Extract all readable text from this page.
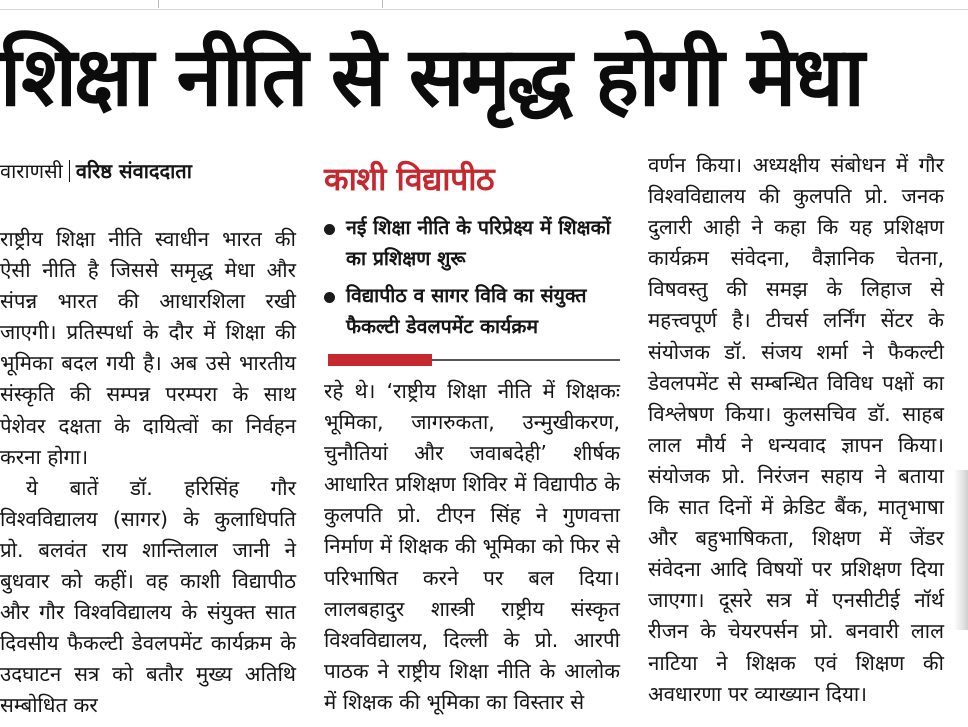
शिक्षा नीति से समृद्ध होगी मेधा
वाराणसी वरिष्ठ संवाददाता

राष्ट्रीय शिक्षा नीति स्वाधीन भारत की ऐसी नीति है जिससे समृद्ध मेधा और संपन्न भारत की आधारशिला रखी जाएगी। प्रतिस्पर्धा के दौर में शिक्षा की भूमिका बदल गयी है। अब उसे भारतीय संस्कृति की सम्पन्न परम्परा के साथ पेशेवर दक्षता के दायित्वों का निर्वहन करना होगा।

ये बातें डॉ. हरिसिंह गौर विश्वविद्यालय (सागर) के कुलाधिपति प्रो. बलवंत राय शान्तिलाल जानी ने बुधवार को कहीं। वह काशी विद्यापीठ और गौर विश्वविद्यालय के संयुक्त सात दिवसीय फैकल्टी डेवलपमेंट कार्यक्रम के उदघाटन सत्र को बतौर मुख्य अतिथि सम्बोधित कर

काशी विद्यापीठ
नई शिक्षा नीति के परिप्रेक्ष्य में शिक्षकों का प्रशिक्षण शुरू
विद्यापीठ व सागर विवि का संयुक्त फैकल्टी डेवलपमेंट कार्यक्रम

रहे थे। ‘राष्ट्रीय शिक्षा नीति में शिक्षकः भूमिका, जागरुकता, उन्मुखीकरण, चुनौतियां और जवाबदेही’ शीर्षक आधारित प्रशिक्षण शिविर में विद्यापीठ के कुलपति प्रो. टीएन सिंह ने गुणवत्ता निर्माण में शिक्षक की भूमिका को फिर से परिभाषित करने पर बल दिया। लालबहादुर शास्त्री राष्ट्रीय संस्कृत विश्वविद्यालय, दिल्ली के प्रो. आरपी पाठक ने राष्ट्रीय शिक्षा नीति के आलोक में शिक्षक की भूमिका का विस्तार से

वर्णन किया। अध्यक्षीय संबोधन में गौर विश्वविद्यालय की कुलपति प्रो. जनक दुलारी आही ने कहा कि यह प्रशिक्षण कार्यक्रम संवेदना, वैज्ञानिक चेतना, विषवस्तु की समझ के लिहाज से महत्त्वपूर्ण है। टीचर्स लर्निंग सेंटर के संयोजक डॉ. संजय शर्मा ने फैकल्टी डेवलपमेंट से सम्बन्धित विविध पक्षों का विश्लेषण किया। कुलसचिव डॉ. साहब लाल मौर्य ने धन्यवाद ज्ञापन किया। संयोजक प्रो. निरंजन सहाय ने बताया कि सात दिनों में क्रेडिट बैंक, मातृभाषा और बहुभाषिकता, शिक्षण में जेंडर संवेदना आदि विषयों पर प्रशिक्षण दिया जाएगा। दूसरे सत्र में एनसीटीई नॉर्थ रीजन के चेयरपर्सन प्रो. बनवारी लाल नाटिया ने शिक्षक एवं शिक्षण की अवधारणा पर व्याख्यान दिया।
